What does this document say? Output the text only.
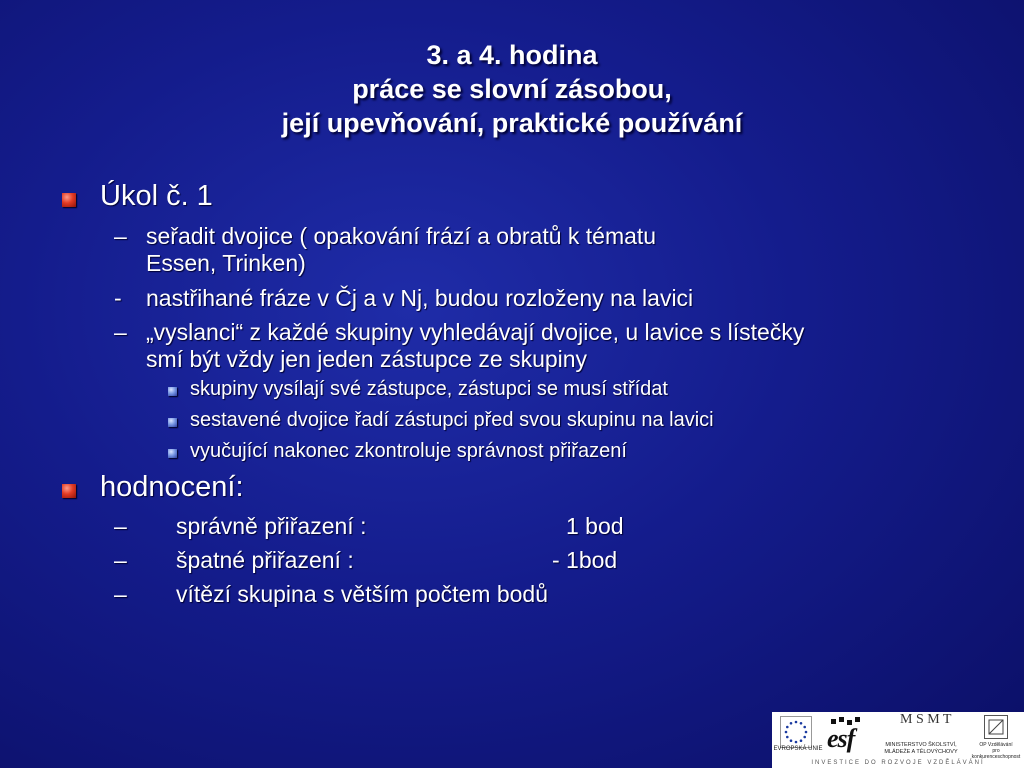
3. a 4. hodina
práce se slovní zásobou,
její upevňování, praktické používání
Úkol č. 1
– seřadit dvojice ( opakování frází a obratů k tématu
Essen, Trinken)
- nastřihané fráze v Čj a v Nj, budou rozloženy na lavici
– „vyslanci“ z každé skupiny vyhledávají dvojice, u lavice s lístečky
smí být vždy jen jeden zástupce ze skupiny
skupiny vysílají své zástupce, zástupci se musí střídat
sestavené dvojice řadí zástupci před svou skupinu na lavici
vyučující nakonec zkontroluje správnost přiřazení
hodnocení:
– správně přiřazení :	1 bod
– špatné přiřazení :	- 1bod
– vítězí skupina s větším počtem bodů
EVROPSKÁ UNIE esf
M S M T
MINISTERSTVO ŠKOLSTVÍ,
MLÁDEŽE A TĚLOVÝCHOVY
OP Vzdělávání
pro konkurenceschopnost
INVESTICE DO ROZVOJE VZDĚLÁVÁNÍ
